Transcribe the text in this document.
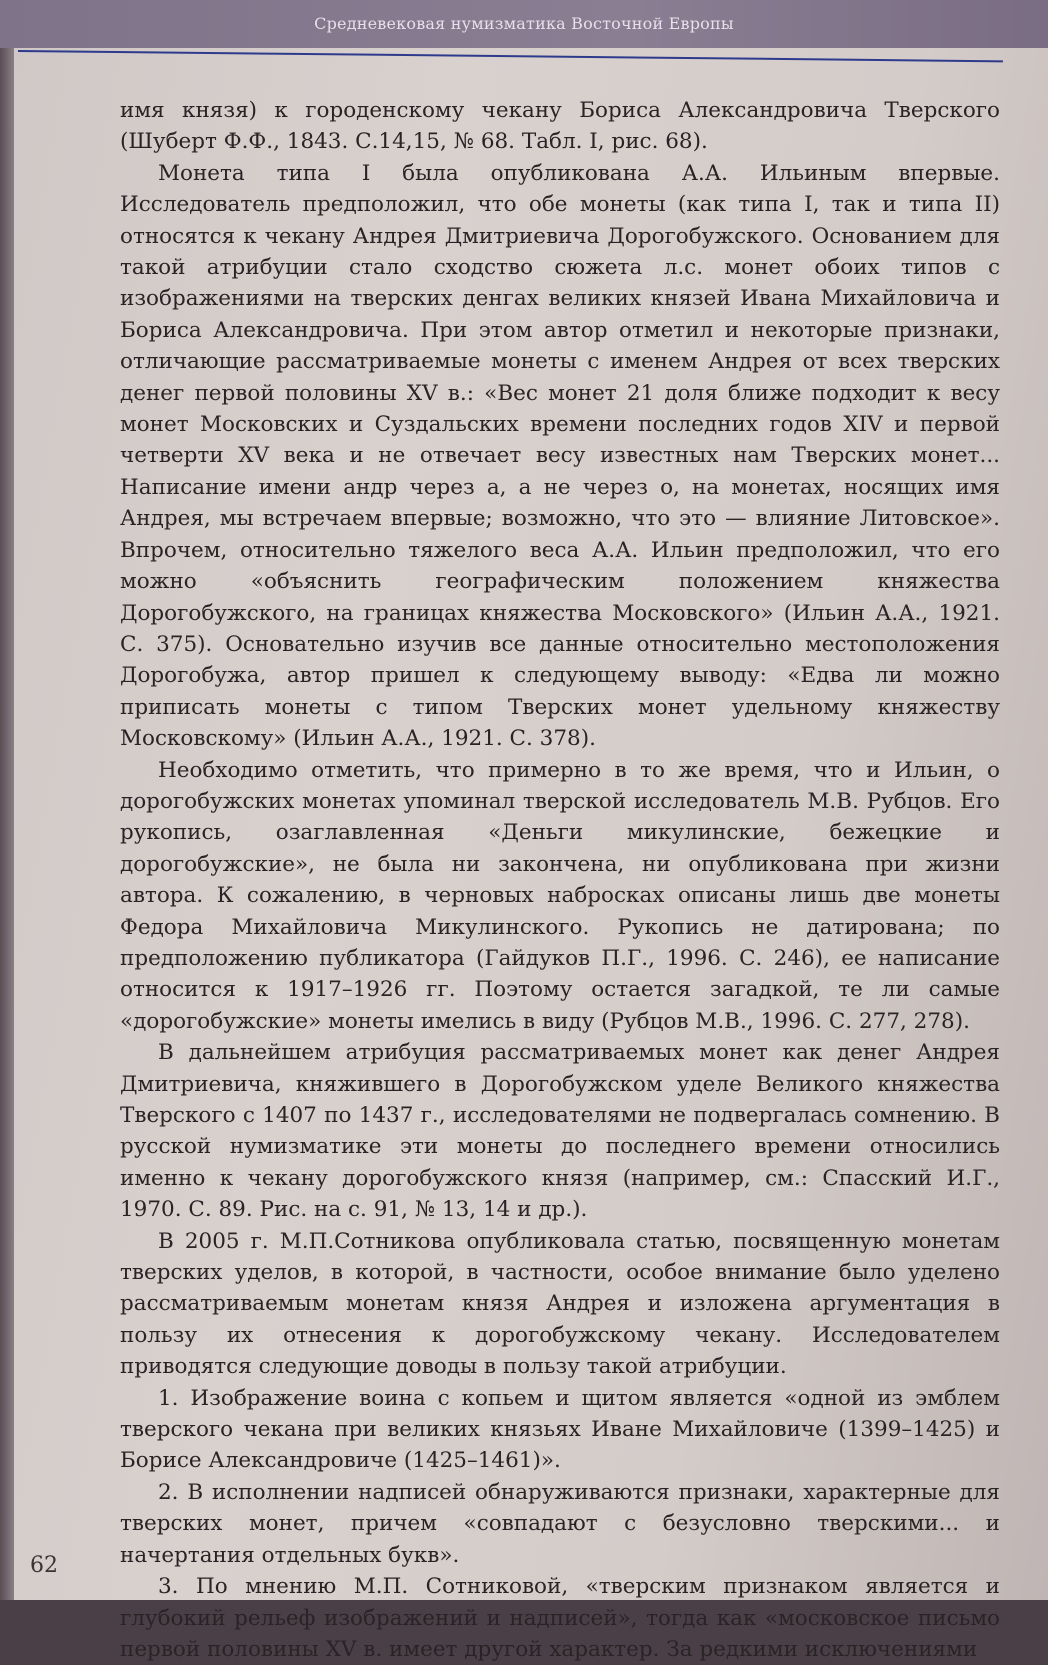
Средневековая нумизматика Восточной Европы

имя князя) к городенскому чекану Бориса Александровича Тверского (Шуберт Ф.Ф., 1843. С.14,15, № 68. Табл. I, рис. 68).

Монета типа I была опубликована А.А. Ильиным впервые. Исследователь предположил, что обе монеты (как типа I, так и типа II) относятся к чекану Андрея Дмитриевича Дорогобужского. Основанием для такой атрибуции стало сходство сюжета л.с. монет обоих типов с изображениями на тверских денгах великих князей Ивана Михайловича и Бориса Александровича. При этом автор отметил и некоторые признаки, отличающие рассматриваемые монеты с именем Андрея от всех тверских денег первой половины XV в.: «Вес монет 21 доля ближе подходит к весу монет Московских и Суздальских времени последних годов XIV и первой четверти XV века и не отвечает весу известных нам Тверских монет... Написание имени андр через а, а не через о, на монетах, носящих имя Андрея, мы встречаем впервые; возможно, что это — влияние Литовское». Впрочем, относительно тяжелого веса А.А. Ильин предположил, что его можно «объяснить географическим положением княжества Дорогобужского, на границах княжества Московского» (Ильин А.А., 1921. С. 375). Основательно изучив все данные относительно местоположения Дорогобужа, автор пришел к следующему выводу: «Едва ли можно приписать монеты с типом Тверских монет удельному княжеству Московскому» (Ильин А.А., 1921. С. 378).

Необходимо отметить, что примерно в то же время, что и Ильин, о дорогобужских монетах упоминал тверской исследователь М.В. Рубцов. Его рукопись, озаглавленная «Деньги микулинские, бежецкие и дорогобужские», не была ни закончена, ни опубликована при жизни автора. К сожалению, в черновых набросках описаны лишь две монеты Федора Михайловича Микулинского. Рукопись не датирована; по предположению публикатора (Гайдуков П.Г., 1996. С. 246), ее написание относится к 1917–1926 гг. Поэтому остается загадкой, те ли самые «дорогобужские» монеты имелись в виду (Рубцов М.В., 1996. С. 277, 278).

В дальнейшем атрибуция рассматриваемых монет как денег Андрея Дмитриевича, княжившего в Дорогобужском уделе Великого княжества Тверского с 1407 по 1437 г., исследователями не подвергалась сомнению. В русской нумизматике эти монеты до последнего времени относились именно к чекану дорогобужского князя (например, см.: Спасский И.Г., 1970. С. 89. Рис. на с. 91, № 13, 14 и др.).

В 2005 г. М.П.Сотникова опубликовала статью, посвященную монетам тверских уделов, в которой, в частности, особое внимание было уделено рассматриваемым монетам князя Андрея и изложена аргументация в пользу их отнесения к дорогобужскому чекану. Исследователем приводятся следующие доводы в пользу такой атрибуции.

1. Изображение воина с копьем и щитом является «одной из эмблем тверского чекана при великих князьях Иване Михайловиче (1399–1425) и Борисе Александровиче (1425–1461)».

2. В исполнении надписей обнаруживаются признаки, характерные для тверских монет, причем «совпадают с безусловно тверскими... и начертания отдельных букв».

3. По мнению М.П. Сотниковой, «тверским признаком является и глубокий рельеф изображений и надписей», тогда как «московское письмо первой половины XV в. имеет другой характер. За редкими исключениями

62
